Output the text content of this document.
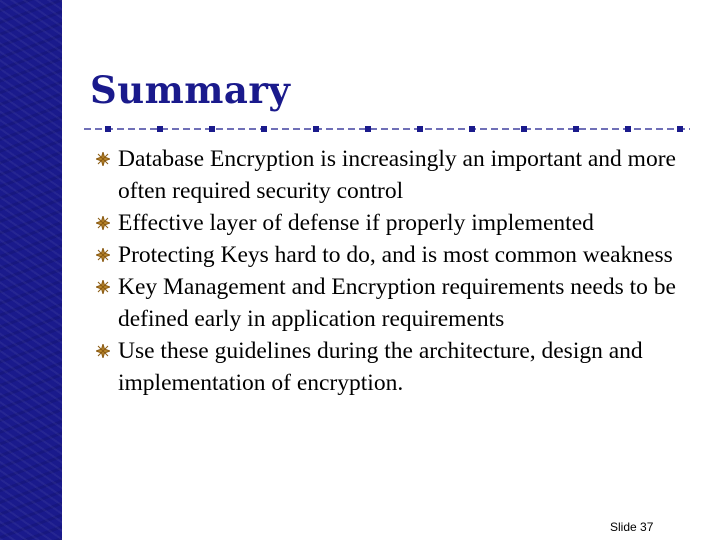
Summary
Database Encryption is increasingly an important and more often required security control
Effective layer of defense if properly implemented
Protecting Keys hard to do, and is most common weakness
Key Management and Encryption requirements needs to be defined early in application requirements
Use these guidelines during the architecture, design and implementation of encryption.
Slide 37
